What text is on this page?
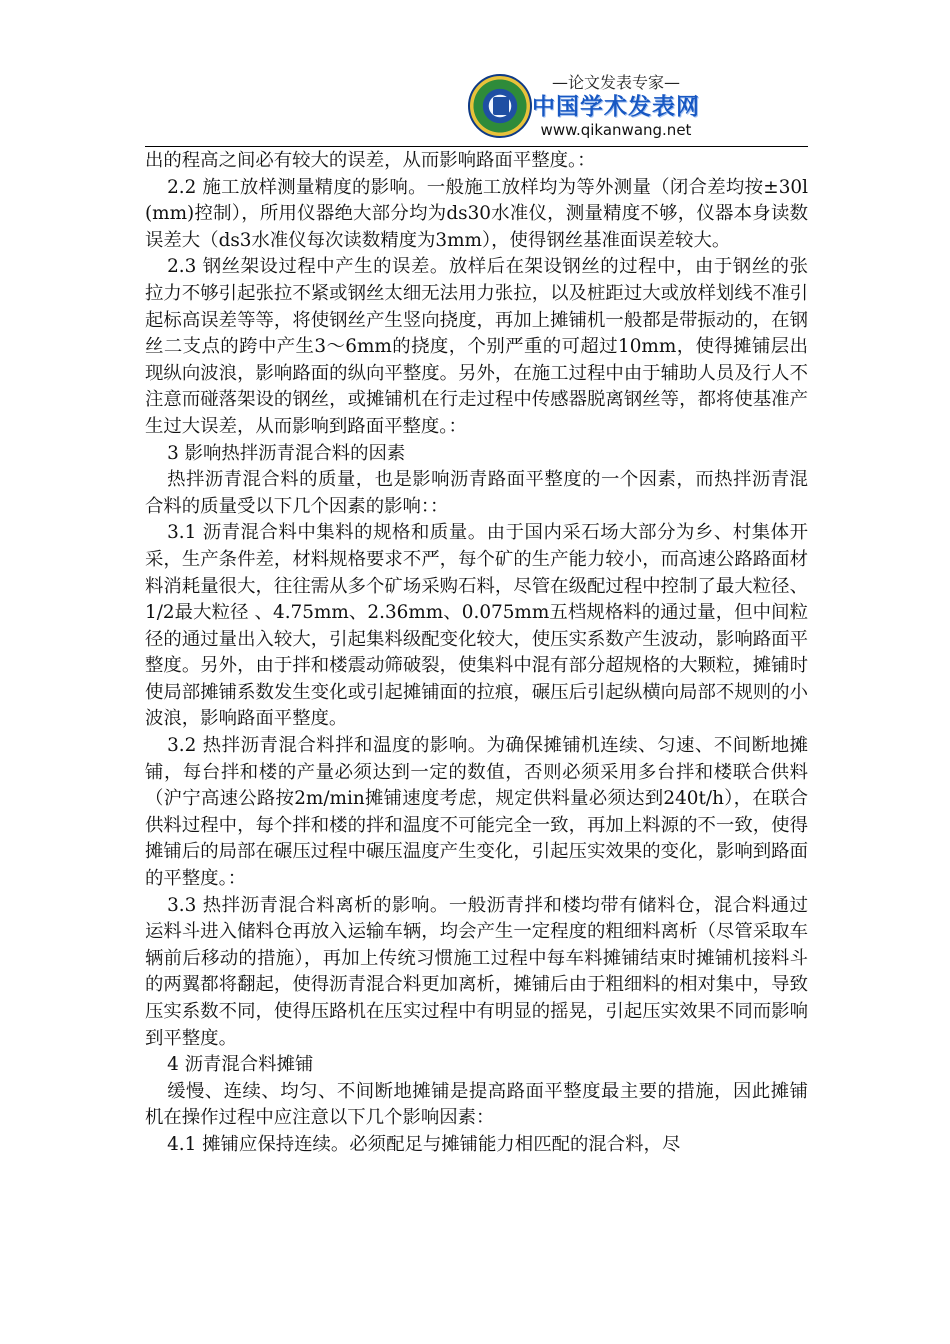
—论文发表专家—
中国学术发表网
www.qikanwang.net

出的程高之间必有较大的误差，从而影响路面平整度。：

2.2 施工放样测量精度的影响。一般施工放样均为等外测量（闭合差均按±30l(mm)控制），所用仪器绝大部分均为ds30水准仪，测量精度不够，仪器本身读数误差大（ds3水准仪每次读数精度为3mm），使得钢丝基准面误差较大。

2.3 钢丝架设过程中产生的误差。放样后在架设钢丝的过程中，由于钢丝的张拉力不够引起张拉不紧或钢丝太细无法用力张拉，以及桩距过大或放样划线不准引起标高误差等等，将使钢丝产生竖向挠度，再加上摊铺机一般都是带振动的，在钢丝二支点的跨中产生3～6mm的挠度，个别严重的可超过10mm，使得摊铺层出现纵向波浪，影响路面的纵向平整度。另外，在施工过程中由于辅助人员及行人不注意而碰落架设的钢丝，或摊铺机在行走过程中传感器脱离钢丝等，都将使基准产生过大误差，从而影响到路面平整度。：

3 影响热拌沥青混合料的因素

热拌沥青混合料的质量，也是影响沥青路面平整度的一个因素，而热拌沥青混合料的质量受以下几个因素的影响：：

3.1 沥青混合料中集料的规格和质量。由于国内采石场大部分为乡、村集体开采，生产条件差，材料规格要求不严，每个矿的生产能力较小，而高速公路路面材料消耗量很大，往往需从多个矿场采购石料，尽管在级配过程中控制了最大粒径、1/2最大粒径 、4.75mm、2.36mm、0.075mm五档规格料的通过量，但中间粒径的通过量出入较大，引起集料级配变化较大，使压实系数产生波动，影响路面平整度。另外，由于拌和楼震动筛破裂，使集料中混有部分超规格的大颗粒，摊铺时使局部摊铺系数发生变化或引起摊铺面的拉痕，碾压后引起纵横向局部不规则的小波浪，影响路面平整度。

3.2 热拌沥青混合料拌和温度的影响。为确保摊铺机连续、匀速、不间断地摊铺，每台拌和楼的产量必须达到一定的数值，否则必须采用多台拌和楼联合供料（沪宁高速公路按2m/min摊铺速度考虑，规定供料量必须达到240t/h），在联合供料过程中，每个拌和楼的拌和温度不可能完全一致，再加上料源的不一致，使得摊铺后的局部在碾压过程中碾压温度产生变化，引起压实效果的变化，影响到路面的平整度。：

3.3 热拌沥青混合料离析的影响。一般沥青拌和楼均带有储料仓，混合料通过运料斗进入储料仓再放入运输车辆，均会产生一定程度的粗细料离析（尽管采取车辆前后移动的措施），再加上传统习惯施工过程中每车料摊铺结束时摊铺机接料斗的两翼都将翻起，使得沥青混合料更加离析，摊铺后由于粗细料的相对集中，导致压实系数不同，使得压路机在压实过程中有明显的摇晃，引起压实效果不同而影响到平整度。

4 沥青混合料摊铺

缓慢、连续、均匀、不间断地摊铺是提高路面平整度最主要的措施，因此摊铺机在操作过程中应注意以下几个影响因素：

4.1 摊铺应保持连续。必须配足与摊铺能力相匹配的混合料，尽
